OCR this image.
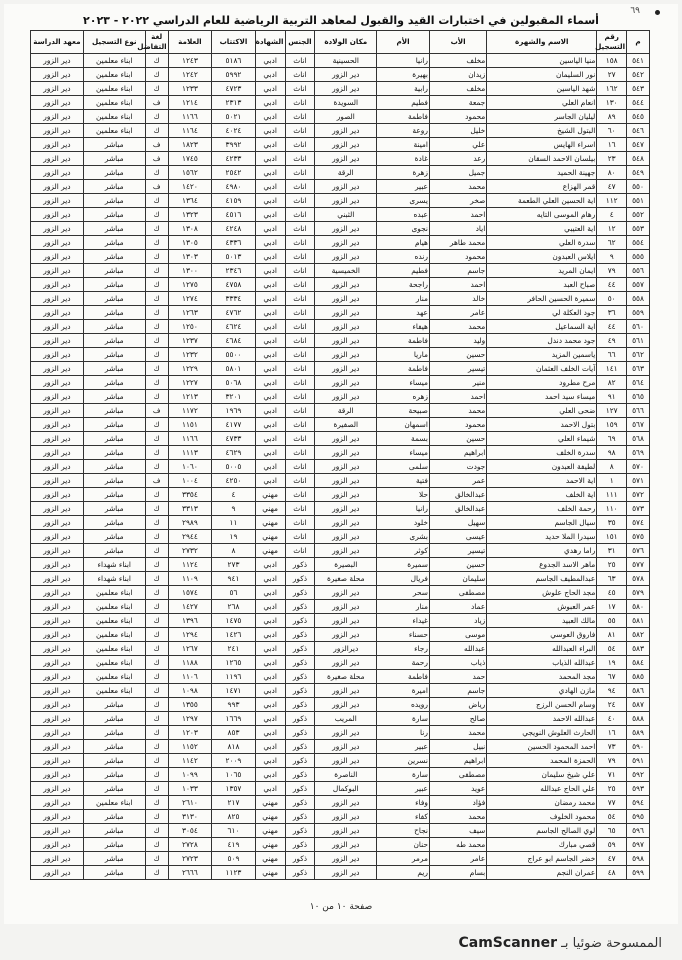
٦٩
أسماء المقبولين في اختبارات القيد والقبول لمعاهد التربية الرياضية للعام الدراسي ٢٠٢٢ - ٢٠٢٣
م	رقم التسجيل	الاسم والشهرة	الأب	الأم	مكان الولادة	الجنس	الشهادة	الاكتتاب	العلامة	لغة التفاضل	نوع التسجيل	معهد الدراسة
٥٤١	١٥٨	منيا الياسين	مخلف	رانيا	الحسينية	اناث	ادبي	٥١٨٦	١٢٤٣	ك	ابناء معلمين	دير الزور
٥٤٢	٢٧	نور السليمان	زيدان	بهيرة	دير الزور	اناث	ادبي	٥٩٩٢	١٢٤٢	ك	ابناء معلمين	دير الزور
٥٤٣	١٦٢	شهد الياسين	مخلف	رابية	دير الزور	اناث	ادبي	٤٧٢٣	١٢٣٣	ك	ابناء معلمين	دير الزور
٥٤٤	١٣٠	انعام العلي	جمعة	فطيم	السويدة	اناث	ادبي	٢٣١٣	١٢١٤	ف	ابناء معلمين	دير الزور
٥٤٥	٨٩	ليليان الجاسر	محمود	فاطمة	الصور	اناث	ادبي	٥٠٢١	١١٦٦	ك	ابناء معلمين	دير الزور
٥٤٦	٦٠	البتول الشيخ	خليل	روعة	دير الزور	اناث	ادبي	٤٠٢٤	١١٦٤	ك	ابناء معلمين	دير الزور
٥٤٧	١٦	اسراء الهايس	علي	امينة	دير الزور	اناث	ادبي	٣٩٩٢	١٨٢٣	ف	مباشر	دير الزور
٥٤٨	٢٣	بيلسان الاحمد السقان	رعد	غادة	دير الزور	اناث	ادبي	٤٢٣٣	١٧٤٥	ف	مباشر	دير الزور
٥٤٩	٨٠	جهينة الحميد	جميل	زهرة	الرقة	اناث	ادبي	٢٥٤٢	١٥٦٢	ك	مباشر	دير الزور
٥٥٠	٤٧	قمر الهزاع	محمد	عبير	دير الزور	اناث	ادبي	٤٩٨٠	١٤٢٠	ف	مباشر	دير الزور
٥٥١	١١٢	اية الحسين العلي الطعمة	صخر	يسرى	دير الزور	اناث	ادبي	٤١٥٩	١٣٦٤	ك	مباشر	دير الزور
٥٥٢	٤	رهام الموسى التايه	احمد	عبده	الثبني	اناث	ادبي	٤٥١٦	١٣٢٣	ك	مباشر	دير الزور
٥٥٣	١٢	اية العتيبي	اياد	نجوى	دير الزور	اناث	ادبي	٤٢٤٨	١٣٠٨	ك	مباشر	دير الزور
٥٥٤	٦٢	سدرة العلي	محمد طاهر	هيام	دير الزور	اناث	ادبي	٤٣٣٦	١٣٠٥	ك	مباشر	دير الزور
٥٥٥	٩	ايلاس العبدون	محمود	رنده	دير الزور	اناث	ادبي	٥٠١٣	١٣٠٣	ك	مباشر	دير الزور
٥٥٦	٧٩	ايمان المريد	جاسم	فطيم	الخميسية	اناث	ادبي	٢٣٤٦	١٣٠٠	ك	مباشر	دير الزور
٥٥٧	٤٤	صباح العبد	احمد	راجحة	دير الزور	اناث	ادبي	٤٧٥٨	١٢٧٥	ك	مباشر	دير الزور
٥٥٨	٥٠	سميرة الحسين الحافر	خالد	منار	دير الزور	اناث	ادبي	٣٣٣٤	١٢٧٤	ك	مباشر	دير الزور
٥٥٩	٣٦	جود العكلة لي	عامر	عهد	دير الزور	اناث	ادبي	٤٧٦٢	١٢٦٣	ك	مباشر	دير الزور
٥٦٠	٤٤	اية السماعيل	محمد	هيفاء	دير الزور	اناث	ادبي	٤٦٢٤	١٢٥٠	ك	مباشر	دير الزور
٥٦١	٤٩	جود محمد دندل	وليد	فاطمة	دير الزور	اناث	ادبي	٤٦٨٤	١٢٣٧	ك	مباشر	دير الزور
٥٦٢	٦٦	ياسمين المزيد	حسين	ماريا	دير الزور	اناث	ادبي	٥٥٠٠	١٢٣٢	ك	مباشر	دير الزور
٥٦٣	١٤١	آيات الخلف العثمان	تيسير	فاطمة	دير الزور	اناث	ادبي	٥٨٠١	١٢٢٩	ك	مباشر	دير الزور
٥٦٤	٨٢	مرح مطرود	منير	ميساء	دير الزور	اناث	ادبي	٥٠٦٨	١٢٢٧	ك	مباشر	دير الزور
٥٦٥	٩١	ميساء سيد احمد	احمد	زهره	دير الزور	اناث	ادبي	٣٢٠١	١٢١٣	ك	مباشر	دير الزور
٥٦٦	١٢٧	ضحى العلي	محمد	صبيحة	الرقة	اناث	ادبي	١٩٦٩	١١٧٢	ف	مباشر	دير الزور
٥٦٧	١٥٩	بتول الاحمد	محمود	اسمهان	الصفيرة	اناث	ادبي	٤١٧٧	١١٥١	ك	مباشر	دير الزور
٥٦٨	٦٩	شيماء العلي	حسين	بسمة	دير الزور	اناث	ادبي	٤٧٣٣	١١٦٦	ك	مباشر	دير الزور
٥٦٩	٩٨	سدرة الخلف	ابراهيم	ميساء	دير الزور	اناث	ادبي	٤٦٢٩	١١١٣	ك	مباشر	دير الزور
٥٧٠	٨	لطيفة العبدون	جودت	سلمى	دير الزور	اناث	ادبي	٥٠٠٥	١٠٦٠	ك	مباشر	دير الزور
٥٧١	١	اية الاحمد	عمر	فتية	دير الزور	اناث	ادبي	٤٢٥٠	١٠٠٤	ف	مباشر	دير الزور
٥٧٢	١١١	اية الخلف	عبدالخالق	حلا	دير الزور	اناث	مهني	٤	٣٣٥٤	ك	مباشر	دير الزور
٥٧٣	١١٠	رحمة الخلف	عبدالخالق	رانيا	دير الزور	اناث	مهني	٩	٣٣١٣	ك	مباشر	دير الزور
٥٧٤	٣٥	سيال الجاسم	سهيل	خلود	دير الزور	اناث	مهني	١١	٢٩٨٩	ك	مباشر	دير الزور
٥٧٥	١٥١	سيدرا الملا حديد	عيسى	بشرى	دير الزور	اناث	مهني	١٩	٢٩٤٤	ك	مباشر	دير الزور
٥٧٦	٣١	راما رهدي	تيسير	كوثر	دير الزور	اناث	مهني	٨	٢٧٣٢	ك	مباشر	دير الزور
٥٧٧	٢٥	ماهر الاسد الجدوع	حسين	سميرة	البصيرة	ذكور	ادبي	٢٧٣	١١٢٤	ك	ابناء شهداء	دير الزور
٥٧٨	٦٣	عبدالمطيف الجاسم	سليمان	فريال	محلة صغيرة	ذكور	ادبي	٩٤١	١١٠٩	ك	ابناء شهداء	دير الزور
٥٧٩	٤٥	مجد الحاج علوش	مصطفى	سحر	دير الزور	ذكور	ادبي	٥٦	١٥٧٤	ك	ابناء معلمين	دير الزور
٥٨٠	١٧	عمر العبوش	عماد	منار	دير الزور	ذكور	ادبي	٢٦٨	١٤٢٧	ك	ابناء معلمين	دير الزور
٥٨١	٥٥	مالك العبيد	زياد	غيداء	دير الزور	ذكور	ادبي	١٤٧٥	١٣٩٦	ك	ابناء معلمين	دير الزور
٥٨٢	٨١	فاروق العوسي	موسى	حسناء	دير الزور	ذكور	ادبي	١٤٢٦	١٢٩٤	ك	ابناء معلمين	دير الزور
٥٨٣	٥٤	البراء العبدالله	عبدالله	رجاء	ديرالزور	ذكور	ادبي	٢٤١	١٢٦٧	ك	ابناء معلمين	دير الزور
٥٨٤	١٩	عبدالله الذياب	ذياب	رحمة	دير الزور	ذكور	ادبي	١٢٦٥	١١٨٨	ك	ابناء معلمين	دير الزور
٥٨٥	٦٧	مجد المحمد	حمد	فاطمة	محلة صغيرة	ذكور	ادبي	١١٩٦	١١٠٦	ك	ابناء معلمين	دير الزور
٥٨٦	٩٤	مازن الهادي	جاسم	اميرة	دير الزور	ذكور	ادبي	١٤٧١	١٠٩٨	ك	ابناء معلمين	دير الزور
٥٨٧	٢٤	وسام الحسن الرزج	رياض	رويده	دير الزور	ذكور	ادبي	٩٩٣	١٣٥٥	ك	مباشر	دير الزور
٥٨٨	٤٠	عبدالله الاحمد	صالح	سارة	المريب	ذكور	ادبي	١٦٦٩	١٢٩٧	ك	مباشر	دير الزور
٥٨٩	١٦	الحارث العلوش النويجي	محمد	رنا	دير الزور	ذكور	ادبي	٨٥٣	١٢٠٣	ك	مباشر	دير الزور
٥٩٠	٧٣	احمد المحمود الحسين	نبيل	عبير	دير الزور	ذكور	ادبي	٨١٨	١١٥٢	ك	مباشر	دير الزور
٥٩١	٧٩	الحمزة المحمد	ابراهيم	نسرين	دير الزور	ذكور	ادبي	٢٠٠٩	١١٤٢	ك	مباشر	دير الزور
٥٩٢	٧١	علي شيخ سليمان	مصطفى	سارة	الناصرة	ذكور	ادبي	١٠٦٥	١٠٩٩	ك	مباشر	دير الزور
٥٩٣	٢٥	علي الحاج عبدالله	عويد	عبير	البوكمال	ذكور	ادبي	١٣٥٧	١٠٣٣	ك	مباشر	دير الزور
٥٩٤	٧٧	محمد رمضان	فؤاد	وفاء	دير الزور	ذكور	مهني	٢١٧	٢٦١٠	ك	ابناء معلمين	دير الزور
٥٩٥	٥٤	محمود الخلوف	محمد	كفاء	دير الزور	ذكور	مهني	٨٢٥	٣١٣٠	ك	مباشر	دير الزور
٥٩٦	٦٥	لوي الصالح الجاسم	سيف	نجاح	دير الزور	ذكور	مهني	٦١٠	٣٠٥٤	ك	مباشر	دير الزور
٥٩٧	٥٩	قصي مبارك	محمد طه	حنان	دير الزور	ذكور	مهني	٤١٩	٢٧٢٨	ك	مباشر	دير الزور
٥٩٨	٤٧	خضر الجاسم ابو عراج	عامر	مرمر	دير الزور	ذكور	مهني	٥٠٩	٢٧٢٣	ك	مباشر	دير الزور
٥٩٩	٤٨	عمران النجم	بسام	ريم	دير الزور	ذكور	مهني	١١٢٣	٢٦٦٦	ك	مباشر	دير الزور
صفحة ١٠ من ١٠
الممسوحة ضوئيا بـ CamScanner
